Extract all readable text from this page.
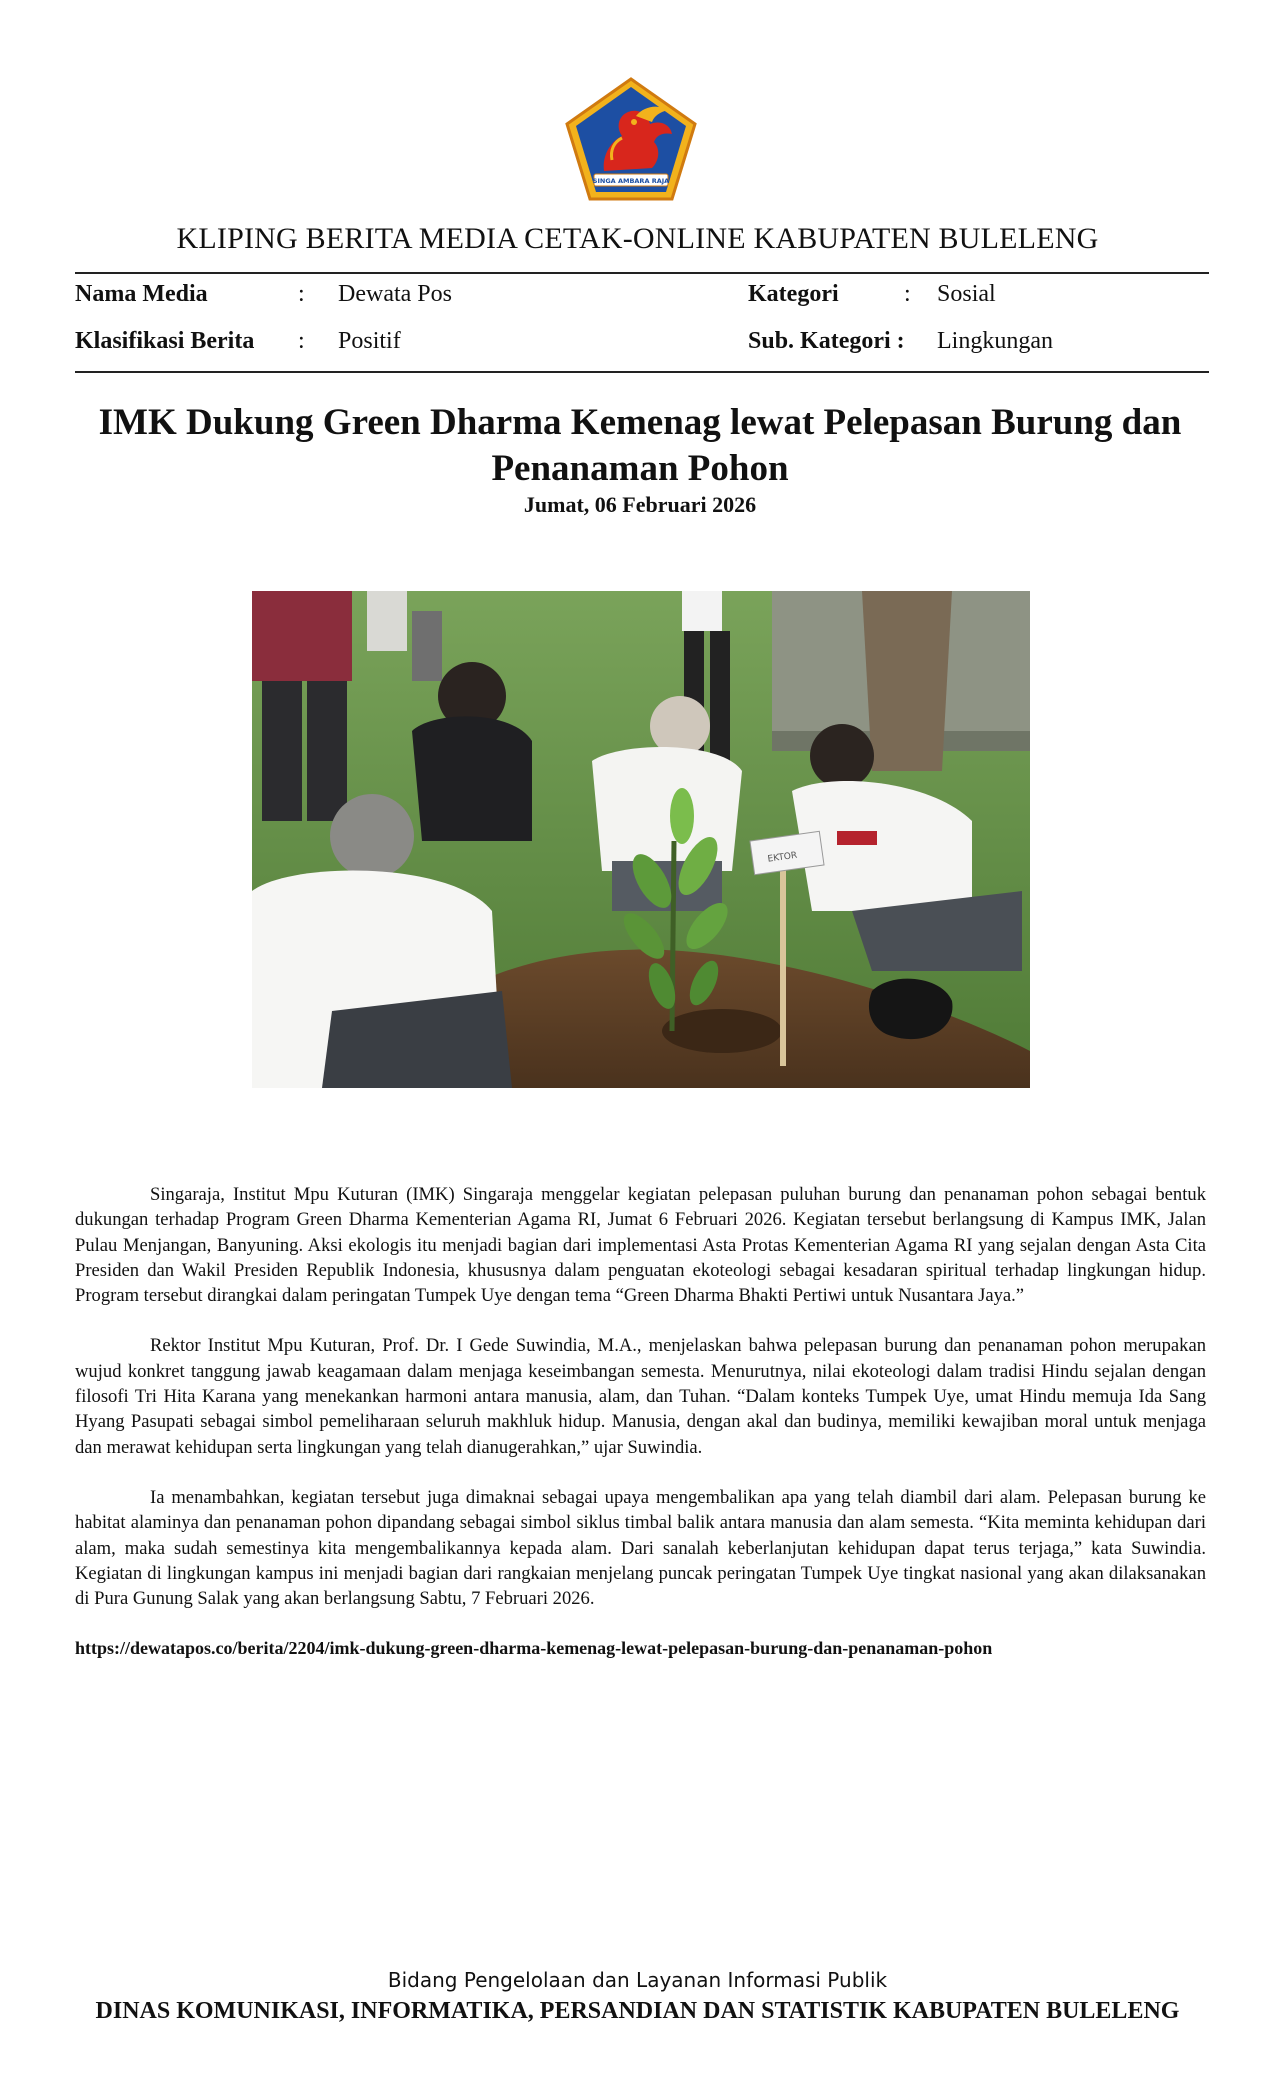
SINGA AMBARA RAJA
KLIPING BERITA MEDIA CETAK-ONLINE KABUPATEN BULELENG
Nama Media	: Dewata Pos	Kategori	: Sosial
Klasifikasi Berita : Positif	Sub. Kategori : Lingkungan
IMK Dukung Green Dharma Kemenag lewat Pelepasan Burung dan
Penanaman Pohon
Jumat, 06 Februari 2026
EKTOR

Singaraja, Institut Mpu Kuturan (IMK) Singaraja menggelar kegiatan pelepasan puluhan burung dan penanaman pohon sebagai bentuk dukungan terhadap Program Green Dharma Kementerian Agama RI, Jumat 6 Februari 2026. Kegiatan tersebut berlangsung di Kampus IMK, Jalan Pulau Menjangan, Banyuning. Aksi ekologis itu menjadi bagian dari implementasi Asta Protas Kementerian Agama RI yang sejalan dengan Asta Cita Presiden dan Wakil Presiden Republik Indonesia, khususnya dalam penguatan ekoteologi sebagai kesadaran spiritual terhadap lingkungan hidup. Program tersebut dirangkai dalam peringatan Tumpek Uye dengan tema “Green Dharma Bhakti Pertiwi untuk Nusantara Jaya.”

Rektor Institut Mpu Kuturan, Prof. Dr. I Gede Suwindia, M.A., menjelaskan bahwa pelepasan burung dan penanaman pohon merupakan wujud konkret tanggung jawab keagamaan dalam menjaga keseimbangan semesta. Menurutnya, nilai ekoteologi dalam tradisi Hindu sejalan dengan filosofi Tri Hita Karana yang menekankan harmoni antara manusia, alam, dan Tuhan. “Dalam konteks Tumpek Uye, umat Hindu memuja Ida Sang Hyang Pasupati sebagai simbol pemeliharaan seluruh makhluk hidup. Manusia, dengan akal dan budinya, memiliki kewajiban moral untuk menjaga dan merawat kehidupan serta lingkungan yang telah dianugerahkan,” ujar Suwindia.

Ia menambahkan, kegiatan tersebut juga dimaknai sebagai upaya mengembalikan apa yang telah diambil dari alam. Pelepasan burung ke habitat alaminya dan penanaman pohon dipandang sebagai simbol siklus timbal balik antara manusia dan alam semesta. “Kita meminta kehidupan dari alam, maka sudah semestinya kita mengembalikannya kepada alam. Dari sanalah keberlanjutan kehidupan dapat terus terjaga,” kata Suwindia. Kegiatan di lingkungan kampus ini menjadi bagian dari rangkaian menjelang puncak peringatan Tumpek Uye tingkat nasional yang akan dilaksanakan di Pura Gunung Salak yang akan berlangsung Sabtu, 7 Februari 2026.

https://dewatapos.co/berita/2204/imk-dukung-green-dharma-kemenag-lewat-pelepasan-burung-dan-penanaman-pohon

Bidang Pengelolaan dan Layanan Informasi Publik
DINAS KOMUNIKASI, INFORMATIKA, PERSANDIAN DAN STATISTIK KABUPATEN BULELENG
